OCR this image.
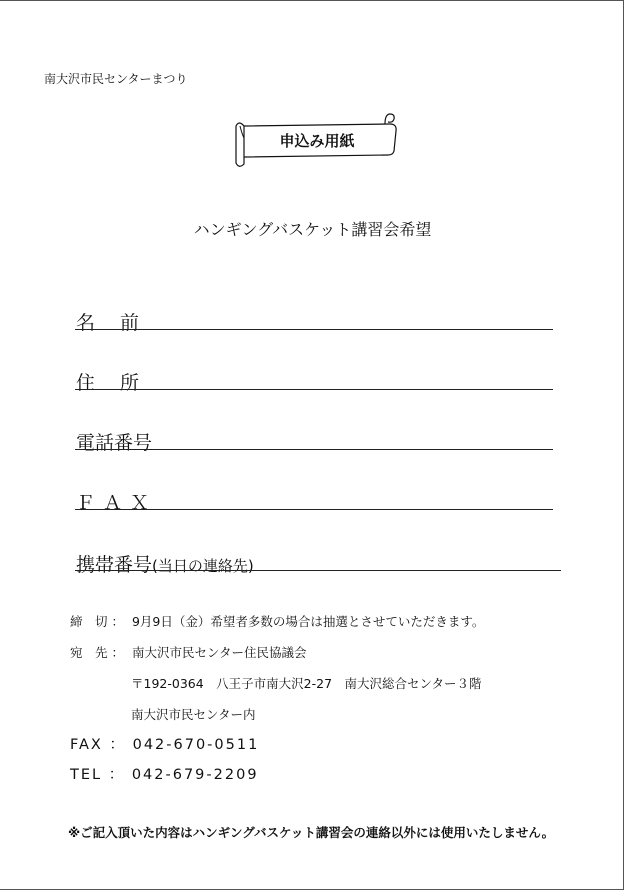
南大沢市民センターまつり
申込み用紙
ハンギングバスケット講習会希望
名　 前
住　 所
電話番号
ＦＡＸ
携帯番号(当日の連絡先)
締　切 ： 9月9日（金）希望者多数の場合は抽選とさせていただきます。
宛　先 ： 南大沢市民センター住民協議会
〒192-0364　八王子市南大沢2-27　南大沢総合センター３階
南大沢市民センター内
FAX ： 042-670-0511
TEL ： 042-679-2209
※ご記入頂いた内容はハンギングバスケット講習会の連絡以外には使用いたしません。
